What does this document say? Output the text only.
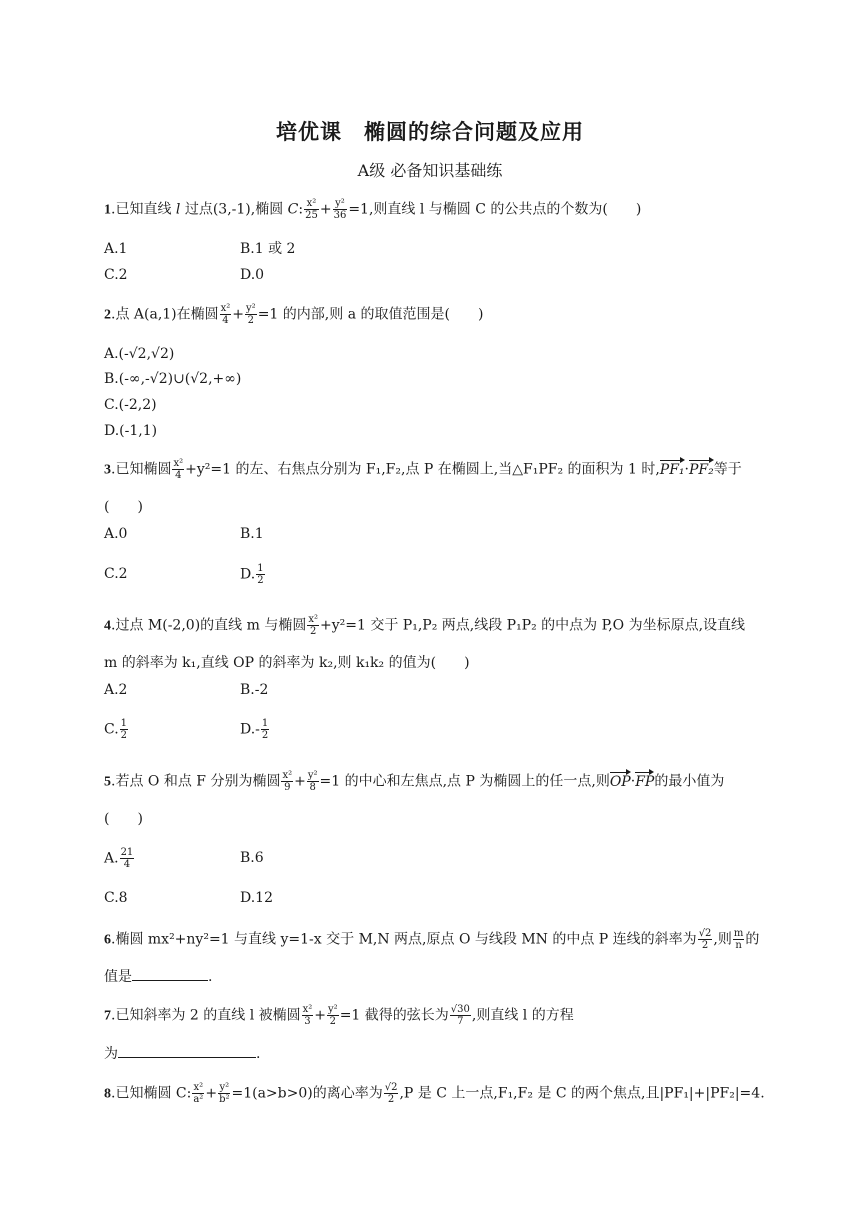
培优课　椭圆的综合问题及应用
A级 必备知识基础练
1.已知直线 l 过点(3,-1),椭圆 C: $\frac{\text{x²}}{25} + \frac{\text{y²}}{36} =1$,则直线 l 与椭圆 C 的公共点的个数为(　　)
A.1	B.1 或 2
C.2	D.0
2.点 A(a,1)在椭圆 $\frac{\text{x²}}{4} + \frac{\text{y²}}{2} =1$ 的内部,则 a 的取值范围是(　　)
A.(-√2,√2)
B.(-∞,-√2)∪(√2,+∞)
C.(-2,2)
D.(-1,1)
3.已知椭圆 $\frac{\text{x²}}{4} +y^2=1$ 的左、右焦点分别为 F₁,F₂,点 P 在椭圆上,当△F₁PF₂ 的面积为 1 时,PF₁·PF₂等于
(　　)
A.0	B.1
C.2	D. $\frac{1}{2}$
4.过点 M(-2,0)的直线 m 与椭圆 $\frac{\text{x²}}{2} +y^2=1$ 交于 P₁,P₂ 两点,线段 P₁P₂ 的中点为 P,O 为坐标原点,设直线
m 的斜率为 k₁,直线 OP 的斜率为 k₂,则 k₁k₂ 的值为(　　)
A.2	B.-2
C. $\frac{1}{2}$	$D.- \frac{1}{2}$
5.若点 O 和点 F 分别为椭圆 $\frac{\text{x²}}{9} + \frac{\text{y²}}{8} =1$ 的中心和左焦点,点 P 为椭圆上的任一点,则OP·FP的最小值为
(　　)
A. $\frac{21}{4}$	B.6
C.8	D.12
6.椭圆 mx²+ny²=1 与直线 y=1-x 交于 M,N 两点,原点 O 与线段 MN 的中点 P 连线的斜率为 $\frac{√2}{2}$ ,则 $\frac{m}{n}$ 的
值是	.
7.已知斜率为 2 的直线 l 被椭圆 $\frac{\text{x²}}{3} + \frac{\text{y²}}{2} =1$ 截得的弦长为 $\frac{√30}{7}$ ,则直线 l 的方程
为	.
8.已知椭圆 C: $\frac{\text{x²}}{\text{a²}} + \frac{\text{y²}}{\text{b²}} =1(a>b>0)$的离心率为 $\frac{√2}{2} ,P$ 是 C 上一点,F₁,F₂ 是 C 的两个焦点,且|PF₁|+|PF₂|=4.
